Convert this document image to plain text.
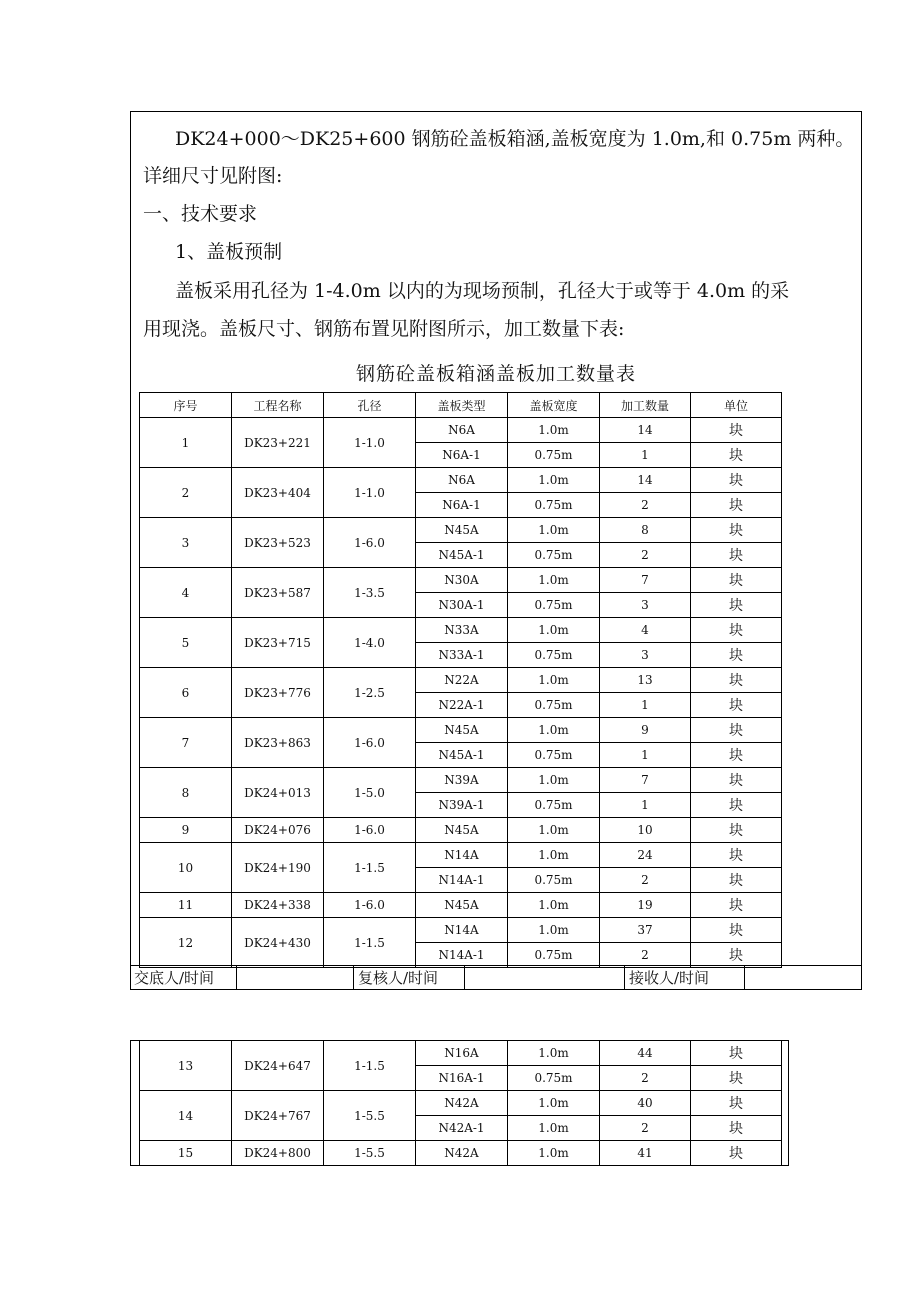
DK24+000～DK25+600 钢筋砼盖板箱涵,盖板宽度为 1.0m,和 0.75m 两种。
详细尺寸见附图:
一、技术要求
1、盖板预制
盖板采用孔径为 1-4.0m 以内的为现场预制，孔径大于或等于 4.0m 的采
用现浇。盖板尺寸、钢筋布置见附图所示，加工数量下表:
钢筋砼盖板箱涵盖板加工数量表
序号	工程名称	孔径	盖板类型	盖板宽度	加工数量	单位
1	DK23+221	1-1.0	N6A	1.0m	14	块
			N6A-1	0.75m	1	块
2	DK23+404	1-1.0	N6A	1.0m	14	块
			N6A-1	0.75m	2	块
3	DK23+523	1-6.0	N45A	1.0m	8	块
			N45A-1	0.75m	2	块
4	DK23+587	1-3.5	N30A	1.0m	7	块
			N30A-1	0.75m	3	块
5	DK23+715	1-4.0	N33A	1.0m	4	块
			N33A-1	0.75m	3	块
6	DK23+776	1-2.5	N22A	1.0m	13	块
			N22A-1	0.75m	1	块
7	DK23+863	1-6.0	N45A	1.0m	9	块
			N45A-1	0.75m	1	块
8	DK24+013	1-5.0	N39A	1.0m	7	块
			N39A-1	0.75m	1	块
9	DK24+076	1-6.0	N45A	1.0m	10	块
10	DK24+190	1-1.5	N14A	1.0m	24	块
			N14A-1	0.75m	2	块
11	DK24+338	1-6.0	N45A	1.0m	19	块
12	DK24+430	1-1.5	N14A	1.0m	37	块
			N14A-1	0.75m	2	块
交底人/时间	复核人/时间	接收人/时间
13	DK24+647	1-1.5	N16A	1.0m	44	块
			N16A-1	0.75m	2	块
14	DK24+767	1-5.5	N42A	1.0m	40	块
			N42A-1	1.0m	2	块
15	DK24+800	1-5.5	N42A	1.0m	41	块
